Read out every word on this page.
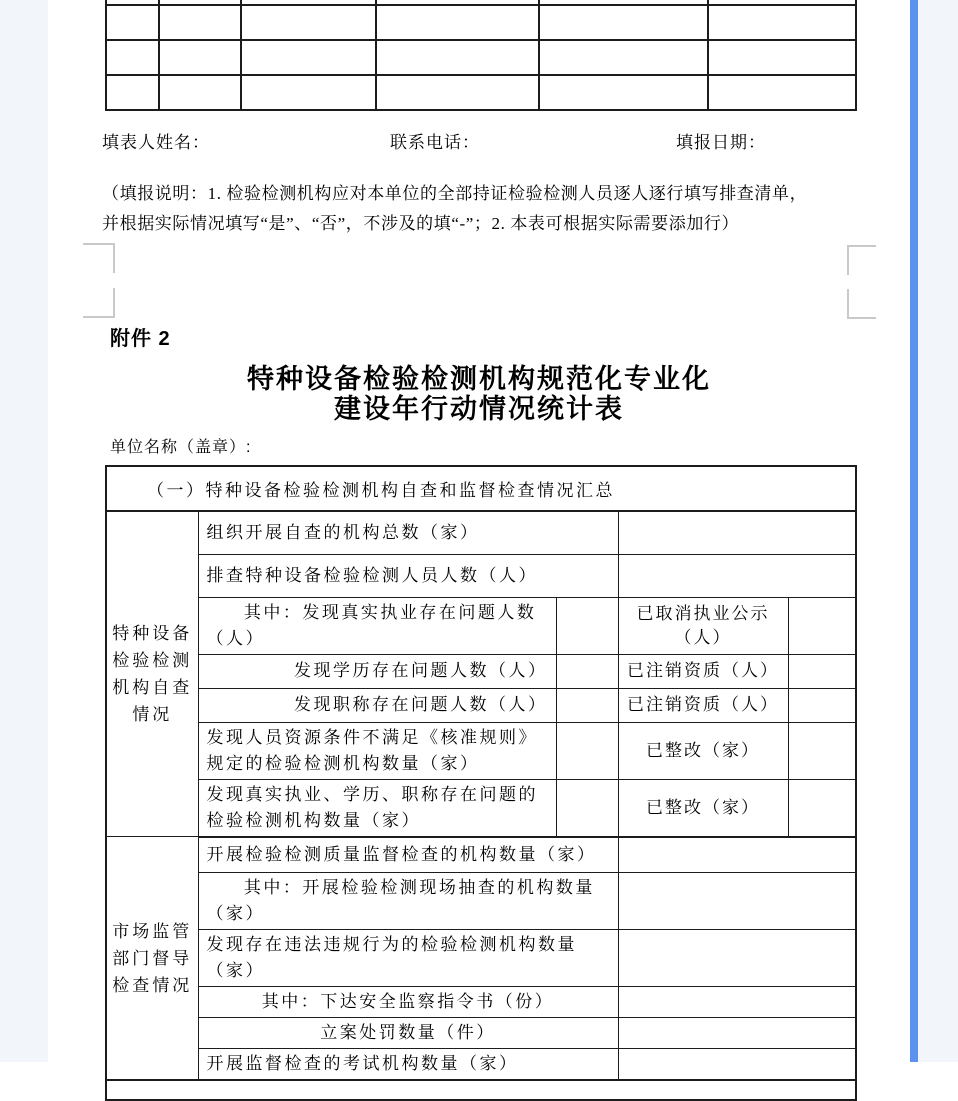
填表人姓名：	联系电话：	填报日期：
（填报说明：1. 检验检测机构应对本单位的全部持证检验检测人员逐人逐行填写排查清单，
并根据实际情况填写“是”、“否”，不涉及的填“-”；2. 本表可根据实际需要添加行）
附件 2
特种设备检验检测机构规范化专业化
建设年行动情况统计表
单位名称（盖章）:
（一）特种设备检验检测机构自查和监督检查情况汇总				
特种设备检验检测机构自查情况	组织开展自查的机构总数（家）			
	排查特种设备检验检测人员人数（人）			
	其中：发现真实执业存在问题人数（人）		已取消执业公示（人）	
	发现学历存在问题人数（人）		已注销资质（人）	
	发现职称存在问题人数（人）		已注销资质（人）	
	发现人员资源条件不满足《核准规则》规定的检验检测机构数量（家）		已整改（家）	
	发现真实执业、学历、职称存在问题的检验检测机构数量（家）		已整改（家）	
市场监管部门督导检查情况	开展检验检测质量监督检查的机构数量（家）			
	其中：开展检验检测现场抽查的机构数量（家）			
	发现存在违法违规行为的检验检测机构数量（家）			
	其中：下达安全监察指令书（份）			
	立案处罚数量（件）			
	开展监督检查的考试机构数量（家）			
